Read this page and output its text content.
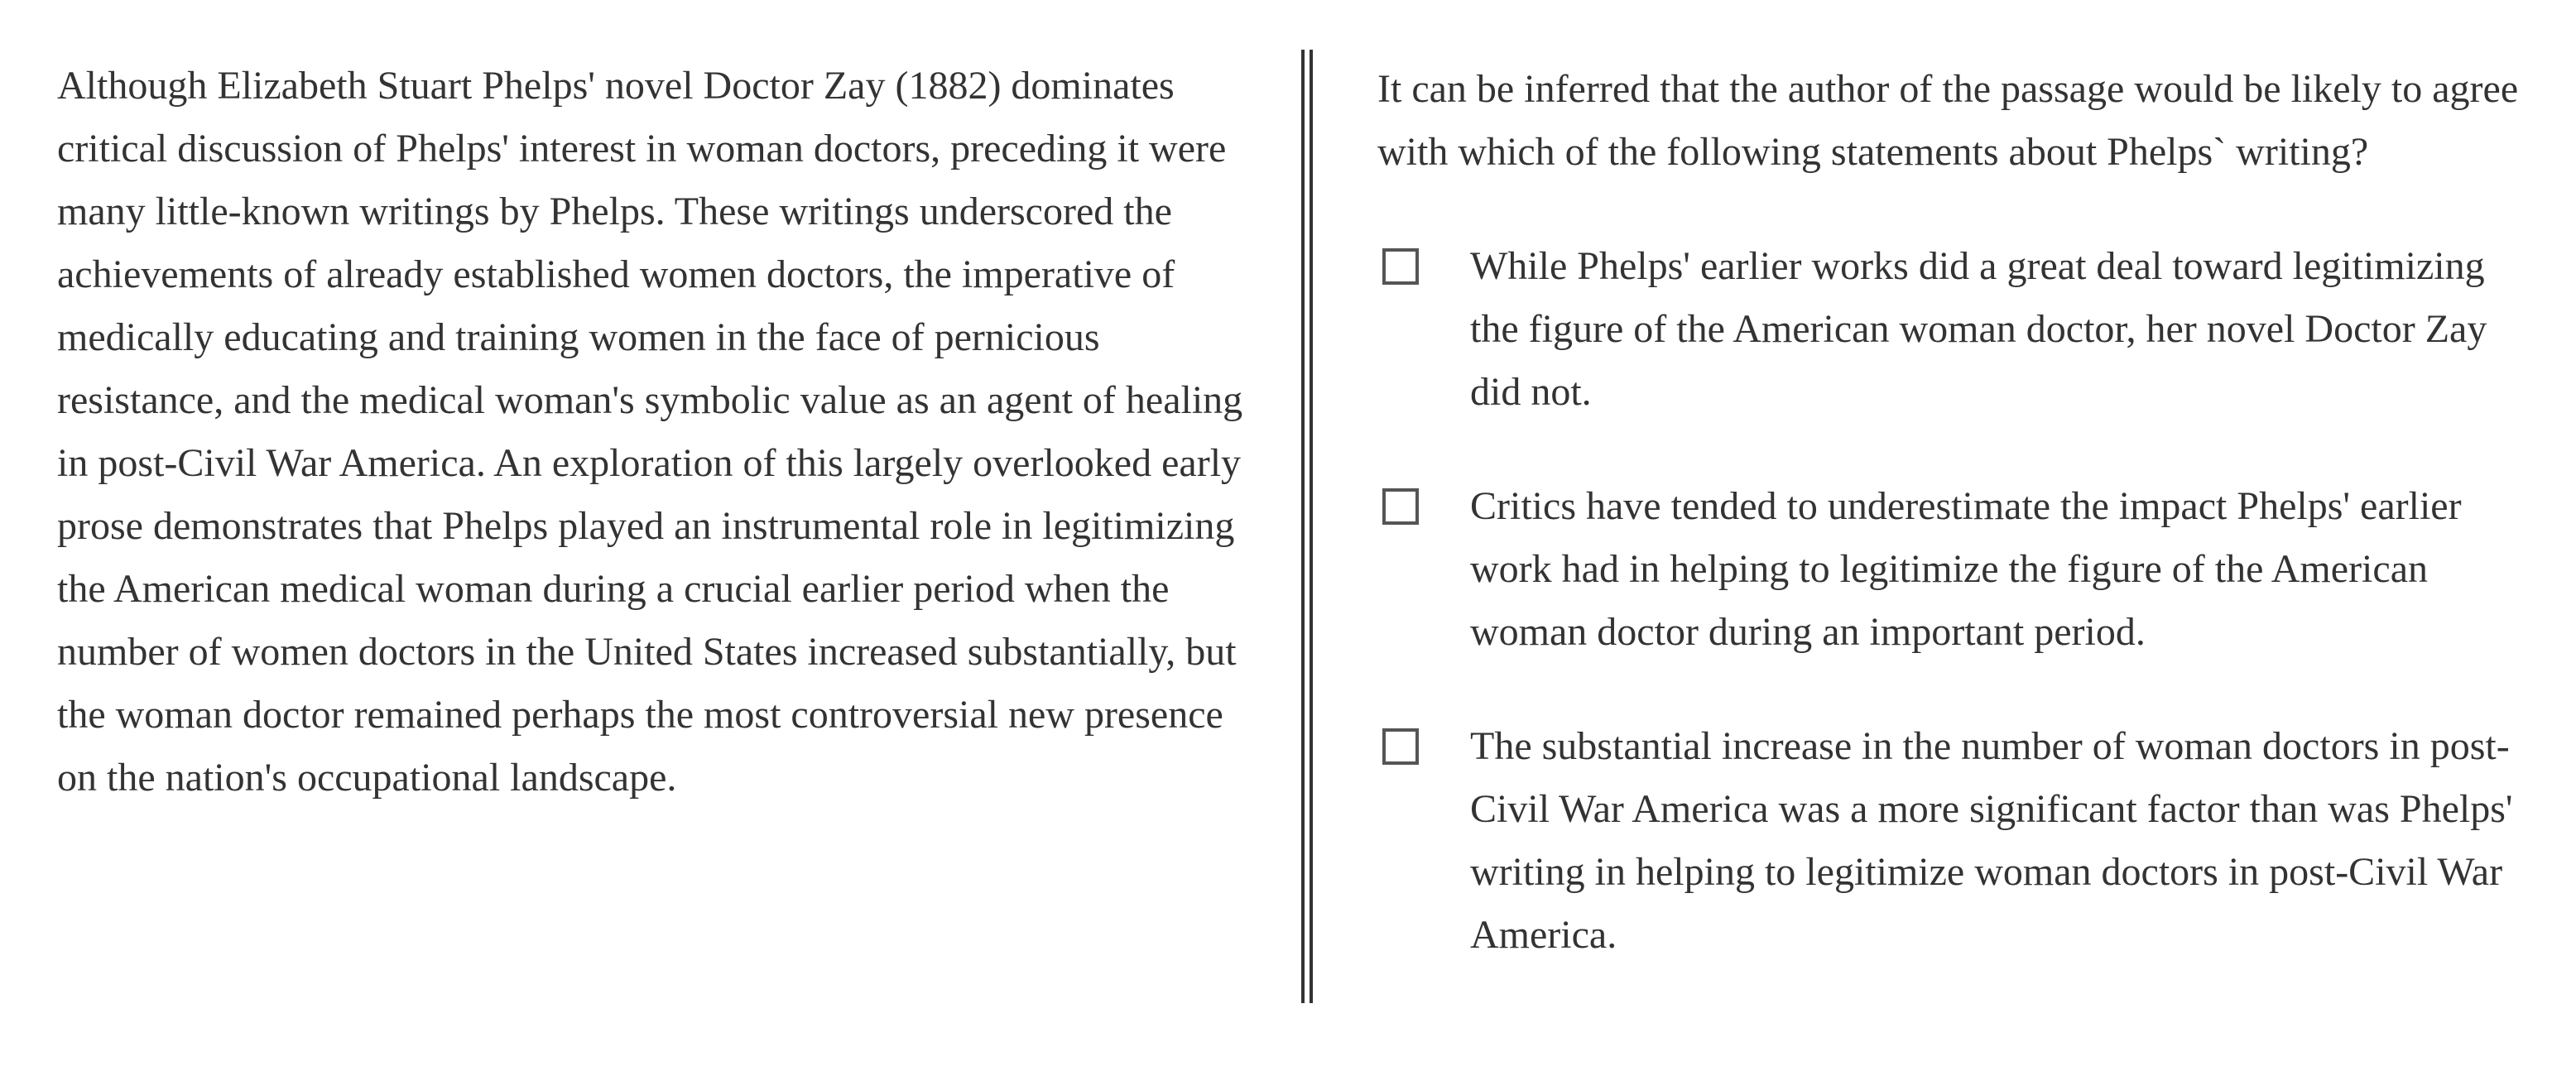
Although Elizabeth Stuart Phelps' novel Doctor Zay (1882) dominates critical discussion of Phelps' interest in woman doctors, preceding it were many little-known writings by Phelps. These writings underscored the achievements of already established women doctors, the imperative of medically educating and training women in the face of pernicious resistance, and the medical woman's symbolic value as an agent of healing in post-Civil War America. An exploration of this largely overlooked early prose demonstrates that Phelps played an instrumental role in legitimizing the American medical woman during a crucial earlier period when the number of women doctors in the United States increased substantially, but the woman doctor remained perhaps the most controversial new presence on the nation's occupational landscape.

It can be inferred that the author of the passage would be likely to agree with which of the following statements about Phelps` writing?

While Phelps' earlier works did a great deal toward legitimizing the figure of the American woman doctor, her novel Doctor Zay did not.
Critics have tended to underestimate the impact Phelps' earlier work had in helping to legitimize the figure of the American woman doctor during an important period.
The substantial increase in the number of woman doctors in post-Civil War America was a more significant factor than was Phelps' writing in helping to legitimize woman doctors in post-Civil War America.
